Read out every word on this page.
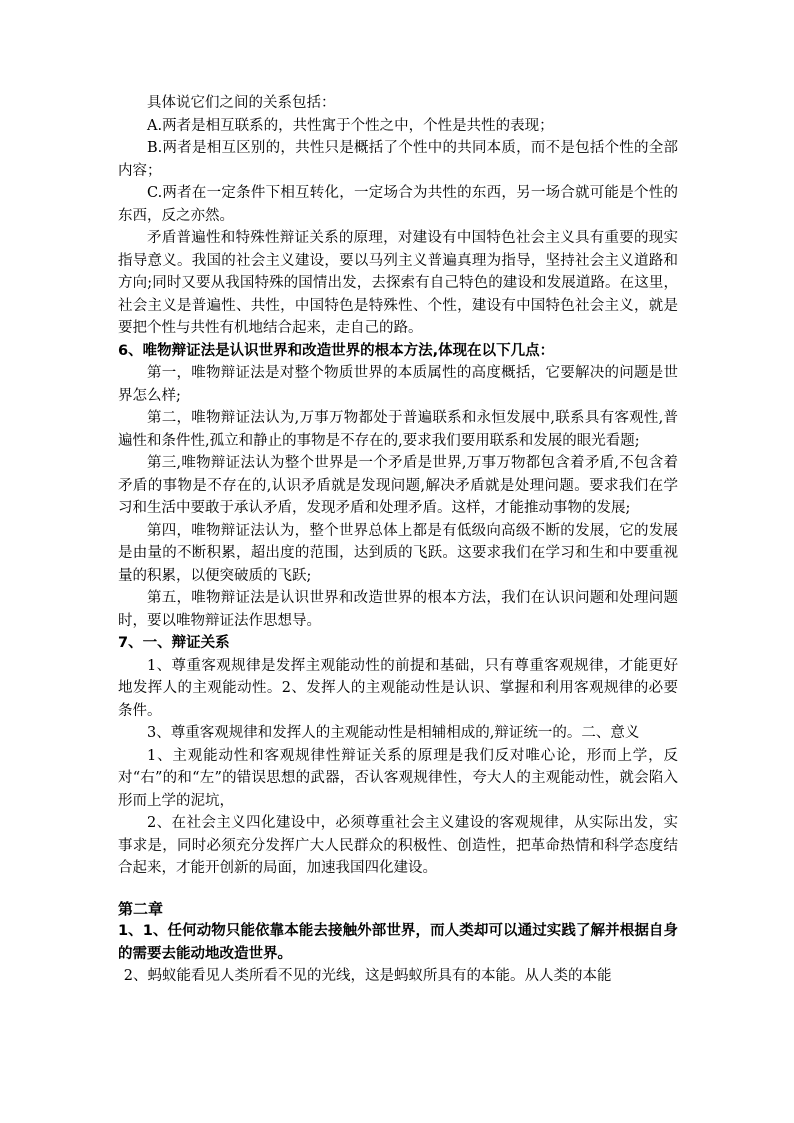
具体说它们之间的关系包括：

A.两者是相互联系的，共性寓于个性之中，个性是共性的表现；

B.两者是相互区别的，共性只是概括了个性中的共同本质，而不是包括个性的全部内容；

C.两者在一定条件下相互转化，一定场合为共性的东西，另一场合就可能是个性的东西，反之亦然。

矛盾普遍性和特殊性辩证关系的原理，对建设有中国特色社会主义具有重要的现实指导意义。我国的社会主义建设，要以马列主义普遍真理为指导，坚持社会主义道路和方向;同时又要从我国特殊的国情出发，去探索有自己特色的建设和发展道路。在这里，社会主义是普遍性、共性，中国特色是特殊性、个性，建设有中国特色社会主义，就是要把个性与共性有机地结合起来，走自己的路。

6、唯物辩证法是认识世界和改造世界的根本方法,体现在以下几点：

第一，唯物辩证法是对整个物质世界的本质属性的高度概括，它要解决的问题是世界怎么样;

第二，唯物辩证法认为,万事万物都处于普遍联系和永恒发展中,联系具有客观性,普遍性和条件性,孤立和静止的事物是不存在的,要求我们要用联系和发展的眼光看题;

第三,唯物辩证法认为整个世界是一个矛盾是世界,万事万物都包含着矛盾,不包含着矛盾的事物是不存在的,认识矛盾就是发现问题,解决矛盾就是处理问题。要求我们在学习和生活中要敢于承认矛盾，发现矛盾和处理矛盾。这样，才能推动事物的发展;

第四，唯物辩证法认为，整个世界总体上都是有低级向高级不断的发展，它的发展是由量的不断积累，超出度的范围，达到质的飞跃。这要求我们在学习和生和中要重视量的积累，以便突破质的飞跃;

第五，唯物辩证法是认识世界和改造世界的根本方法，我们在认识问题和处理问题时，要以唯物辩证法作思想导。

7、一、辩证关系

1、尊重客观规律是发挥主观能动性的前提和基础，只有尊重客观规律，才能更好地发挥人的主观能动性。2、发挥人的主观能动性是认识、掌握和利用客观规律的必要条件。

3、尊重客观规律和发挥人的主观能动性是相辅相成的,辩证统一的。二、意义

1、主观能动性和客观规律性辩证关系的原理是我们反对唯心论，形而上学，反对“右”的和“左”的错误思想的武器，否认客观规律性，夸大人的主观能动性，就会陷入形而上学的泥坑，

2、在社会主义四化建设中，必须尊重社会主义建设的客观规律，从实际出发，实事求是，同时必须充分发挥广大人民群众的积极性、创造性，把革命热情和科学态度结合起来，才能开创新的局面，加速我国四化建设。

第二章

1、1、任何动物只能依靠本能去接触外部世界，而人类却可以通过实践了解并根据自身的需要去能动地改造世界。

2、蚂蚁能看见人类所看不见的光线，这是蚂蚁所具有的本能。从人类的本能
